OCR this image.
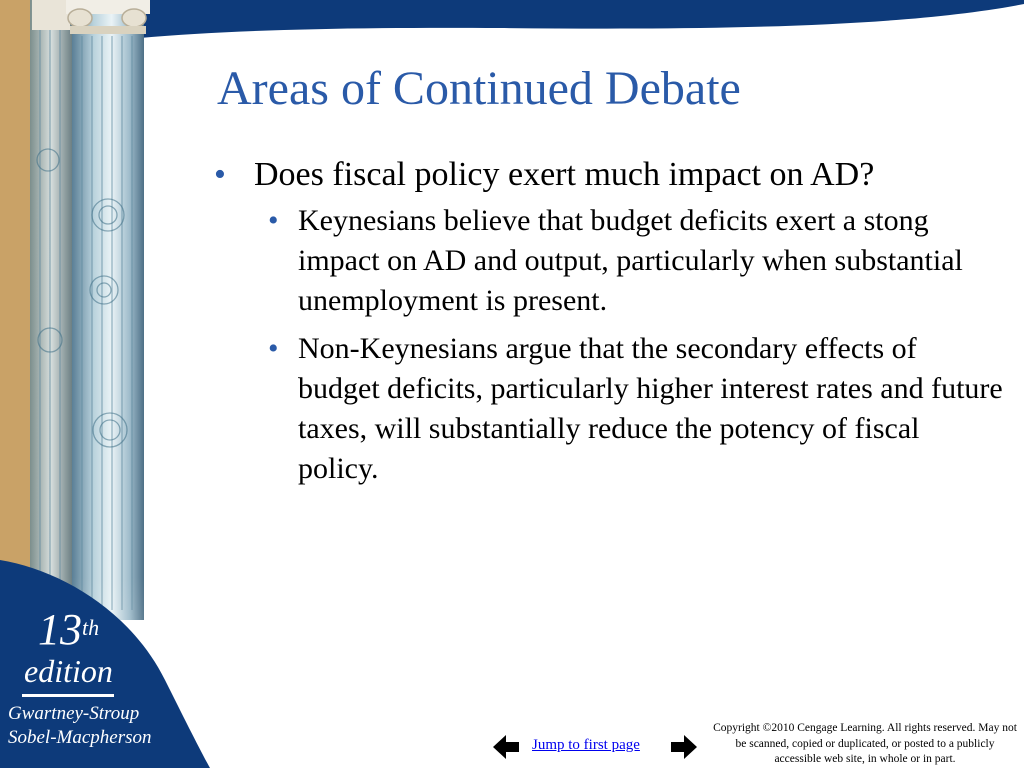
13th
edition
Gwartney-Stroup
Sobel-Macpherson
Areas of Continued Debate
• Does fiscal policy exert much impact on AD?
• Keynesians believe that budget deficits exert a stong impact on AD and output, particularly when substantial unemployment is present.
• Non-Keynesians argue that the secondary effects of budget deficits, particularly higher interest rates and future taxes, will substantially reduce the potency of fiscal policy.
Jump to first page
Copyright ©2010 Cengage Learning. All rights reserved. May not be scanned, copied or duplicated, or posted to a publicly accessible web site, in whole or in part.
